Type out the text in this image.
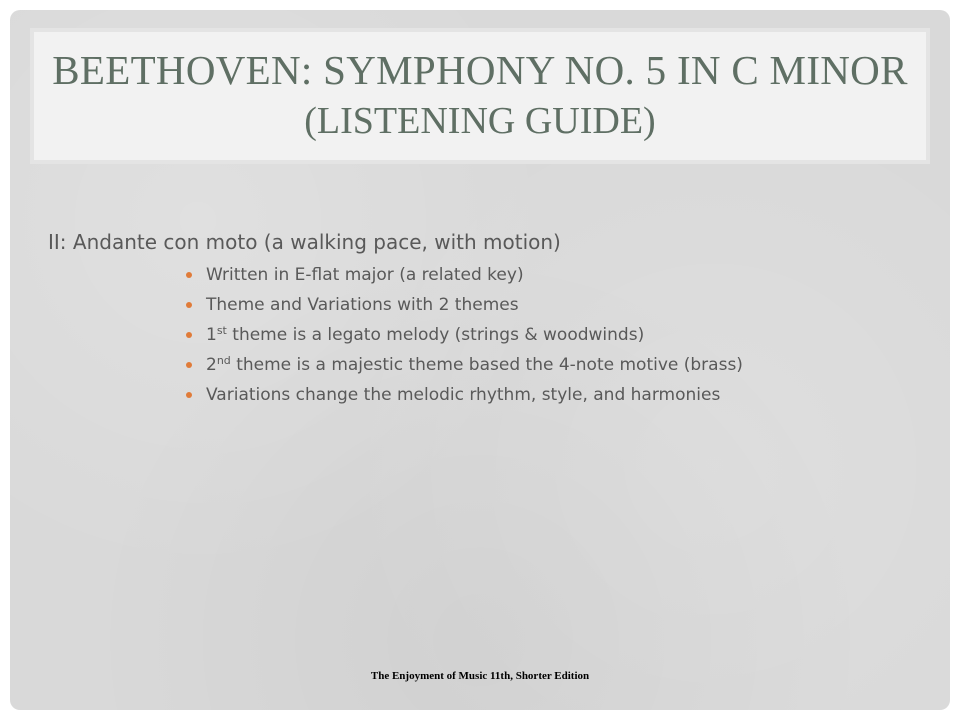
BEETHOVEN: SYMPHONY NO. 5 IN C MINOR
(LISTENING GUIDE)
II: Andante con moto (a walking pace, with motion)
Written in E-flat major (a related key)
Theme and Variations with 2 themes
1st theme is a legato melody (strings & woodwinds)
2nd theme is a majestic theme based the 4-note motive (brass)
Variations change the melodic rhythm, style, and harmonies
The Enjoyment of Music 11th, Shorter Edition
